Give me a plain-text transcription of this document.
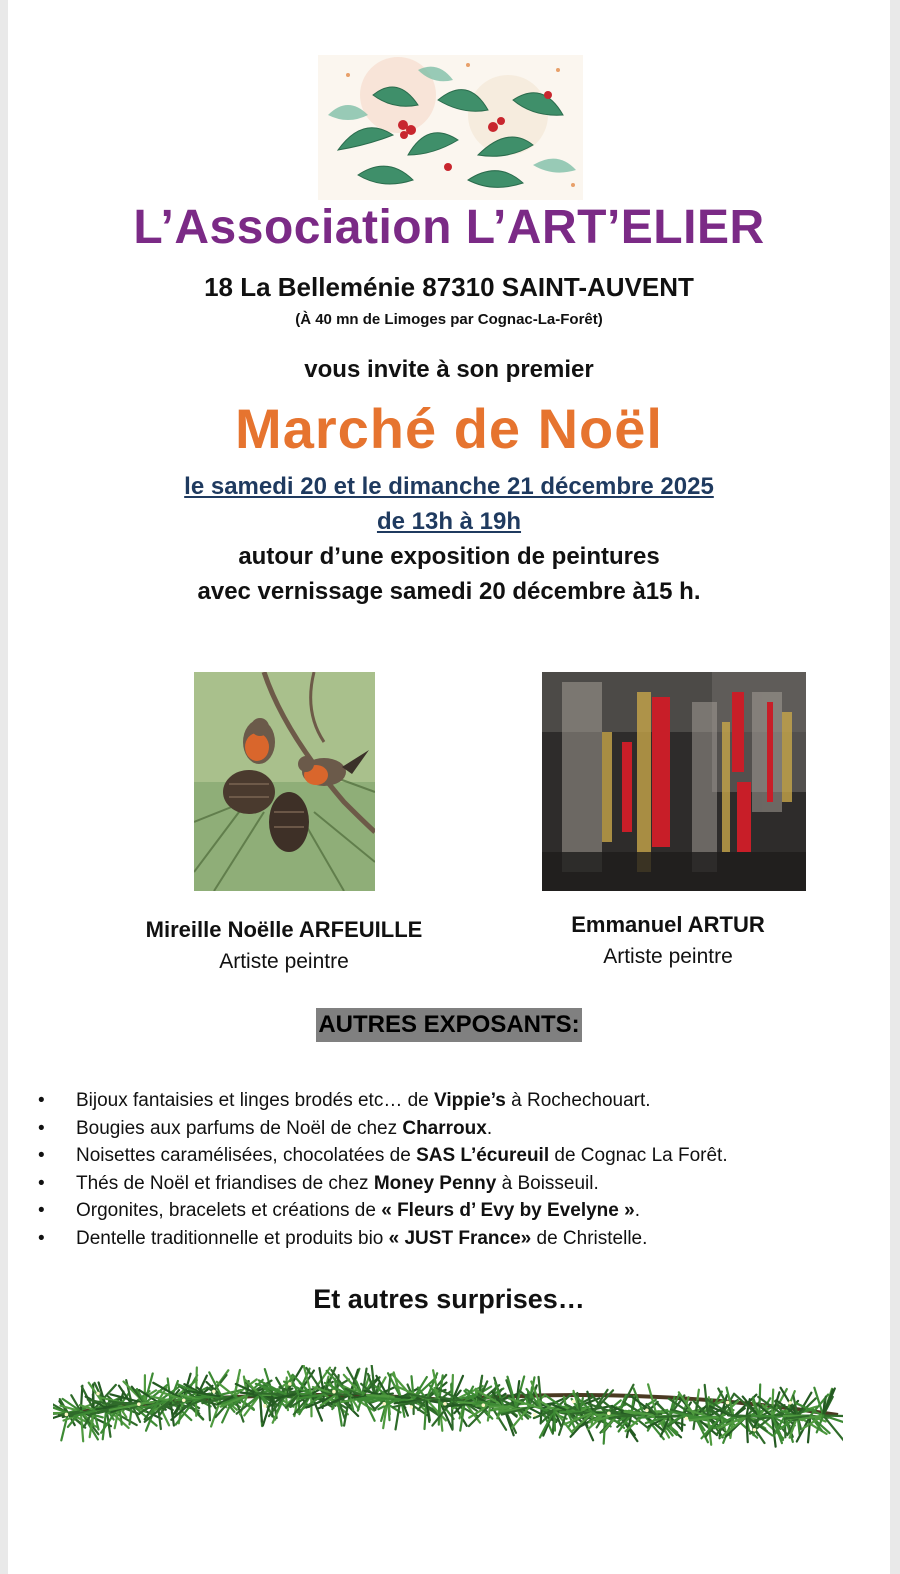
L’Association L’ART’ELIER
18 La Belleménie 87310 SAINT-AUVENT
(À 40 mn de Limoges par Cognac-La-Forêt)
vous invite à son premier
Marché de Noël
le samedi 20 et le dimanche 21 décembre 2025
de 13h à 19h
autour d’une exposition de peintures
avec vernissage samedi 20 décembre à15 h.
Mireille Noëlle ARFEUILLE
Artiste peintre
Emmanuel ARTUR
Artiste peintre
AUTRES EXPOSANTS:
• Bijoux fantaisies et linges brodés etc… de Vippie’s à Rochechouart.
• Bougies aux parfums de Noël de chez Charroux.
• Noisettes caramélisées, chocolatées de SAS L’écureuil de Cognac La Forêt.
• Thés de Noël et friandises de chez Money Penny à Boisseuil.
• Orgonites, bracelets et créations de « Fleurs d’ Evy by Evelyne ».
• Dentelle traditionnelle et produits bio « JUST France» de Christelle.
Et autres surprises…
